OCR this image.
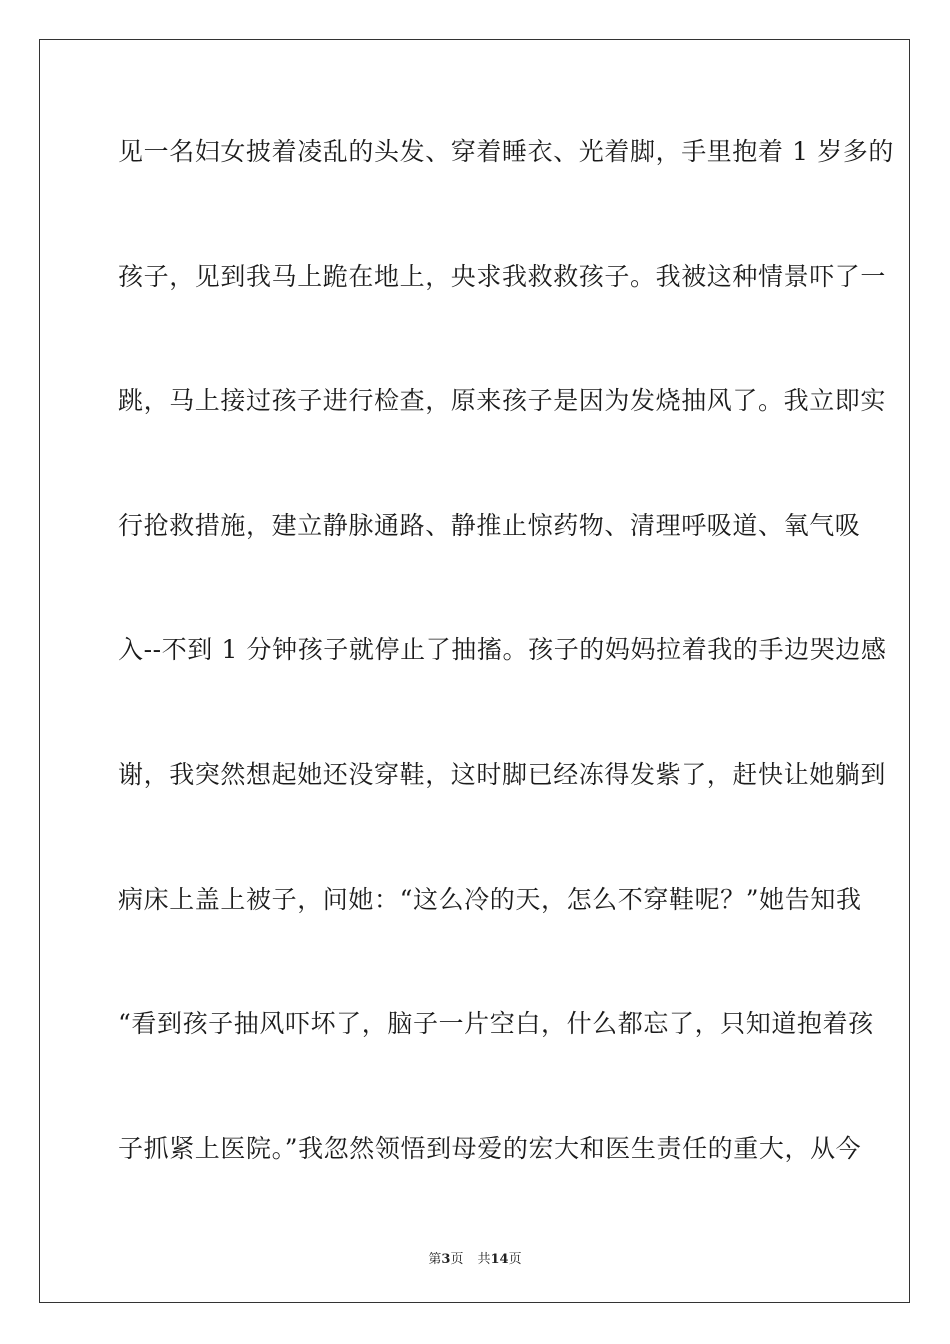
见一名妇女披着凌乱的头发、穿着睡衣、光着脚，手里抱着 1 岁多的
孩子，见到我马上跪在地上，央求我救救孩子。我被这种情景吓了一
跳，马上接过孩子进行检查，原来孩子是因为发烧抽风了。我立即实
行抢救措施，建立静脉通路、静推止惊药物、清理呼吸道、氧气吸
入--不到 1 分钟孩子就停止了抽搐。孩子的妈妈拉着我的手边哭边感
谢，我突然想起她还没穿鞋，这时脚已经冻得发紫了，赶快让她躺到
病床上盖上被子，问她：“这么冷的天，怎么不穿鞋呢？”她告知我
“看到孩子抽风吓坏了，脑子一片空白，什么都忘了，只知道抱着孩
子抓紧上医院。”我忽然领悟到母爱的宏大和医生责任的重大，从今
第3页 共14页
